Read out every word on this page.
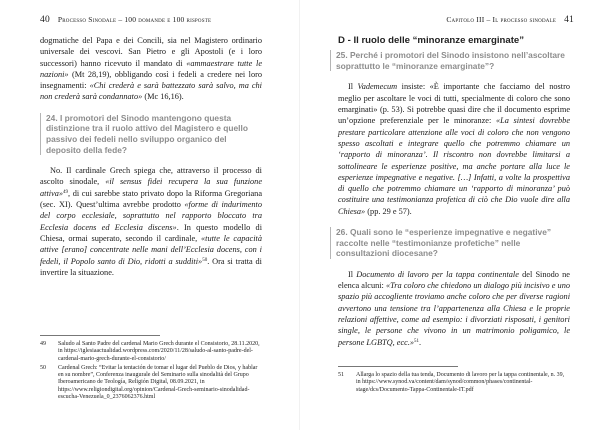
40 Processo Sinodale – 100 domande e 100 risposte

dogmatiche del Papa e dei Concili, sia nel Magistero ordinario universale dei vescovi. San Pietro e gli Apostoli (e i loro successori) hanno ricevuto il mandato di «ammaestrare tutte le nazioni» (Mt 28,19), obbligando così i fedeli a credere nei loro insegnamenti: «Chi crederà e sarà battezzato sarà salvo, ma chi non crederà sarà condannato» (Mc 16,16).

24. I promotori del Sinodo mantengono questa distinzione tra il ruolo attivo del Magistero e quello passivo dei fedeli nello sviluppo organico del deposito della fede?

No. Il cardinale Grech spiega che, attraverso il processo di ascolto sinodale, «il sensus fidei recupera la sua funzione attiva»$^{49}$, di cui sarebbe stato privato dopo la Riforma Gregoriana (sec. XI). Quest’ultima avrebbe prodotto «forme di indurimento del corpo ecclesiale, soprattutto nel rapporto bloccato tra Ecclesia docens ed Ecclesia discens». In questo modello di Chiesa, ormai superato, secondo il cardinale, «tutte le capacità attive [erano] concentrate nelle mani dell’Ecclesia docens, con i fedeli, il Popolo santo di Dio, ridotti a sudditi»$^{50}$. Ora si tratta di invertire la situazione.

49	Saludo al Santo Padre del cardenal Mario Grech durante el Consistorio, 28.11.2020, in https://iglesiaactualidad.wordpress.com/2020/11/28/saludo-al-santo-padre-del-cardenal-mario-grech-durante-el-consistorio/
50	Cardenal Grech: “Evitar la tentación de tomar el lugar del Pueblo de Dios, y hablar en su nombre”, Conferenza inaugurale del Seminario sulla sinodalità del Grupo Iberoamericano de Teología, Religión Digital, 08.09.2021, in https://www.religiondigital.org/opinion/Cardenal-Grech-seminario-sinodalidad-escucha-Venezuela_0_2376062376.html
Capitolo III – Il processo sinodale 41
D - Il ruolo delle “minoranze emarginate”
25. Perché i promotori del Sinodo insistono nell’ascoltare soprattutto le “minoranze emarginate”?

Il Vademecum insiste: «È importante che facciamo del nostro meglio per ascoltare le voci di tutti, specialmente di coloro che sono emarginati» (p. 53). Si potrebbe quasi dire che il documento esprime un’opzione preferenziale per le minoranze: «La sintesi dovrebbe prestare particolare attenzione alle voci di coloro che non vengono spesso ascoltati e integrare quello che potremmo chiamare un ‘rapporto di minoranza’. Il riscontro non dovrebbe limitarsi a sottolineare le esperienze positive, ma anche portare alla luce le esperienze impegnative e negative. […] Infatti, a volte la prospettiva di quello che potremmo chiamare un ‘rapporto di minoranza’ può costituire una testimonianza profetica di ciò che Dio vuole dire alla Chiesa» (pp. 29 e 57).

26. Quali sono le “esperienze impegnative e negative” raccolte nelle “testimonianze profetiche” nelle consultazioni diocesane?

Il Documento di lavoro per la tappa continentale del Sinodo ne elenca alcuni: «Tra coloro che chiedono un dialogo più incisivo e uno spazio più accogliente troviamo anche coloro che per diverse ragioni avvertono una tensione tra l’appartenenza alla Chiesa e le proprie relazioni affettive, come ad esempio: i divorziati risposati, i genitori single, le persone che vivono in un matrimonio poligamico, le persone LGBTQ, ecc.»$^{51}$.

51	Allarga lo spazio della tua tenda, Documento di lavoro per la tappa continentale, n. 39, in https://www.synod.va/content/dam/synod/common/phases/continental-stage/dcs/Documento-Tappa-Continentale-IT.pdf
